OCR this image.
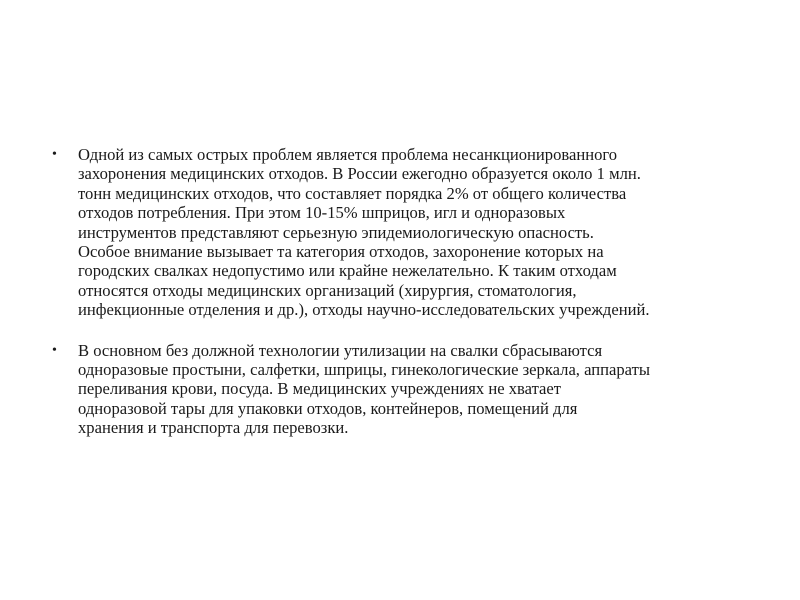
• Одной из самых острых проблем является проблема несанкционированного
захоронения медицинских отходов. В России ежегодно образуется около 1 млн.
тонн медицинских отходов, что составляет порядка 2% от общего количества
отходов потребления. При этом 10-15% шприцов, игл и одноразовых
инструментов представляют серьезную эпидемиологическую опасность.
Особое внимание вызывает та категория отходов, захоронение которых на
городских свалках недопустимо или крайне нежелательно. К таким отходам
относятся отходы медицинских организаций (хирургия, стоматология,
инфекционные отделения и др.), отходы научно-исследовательских учреждений.
• В основном без должной технологии утилизации на свалки сбрасываются
одноразовые простыни, салфетки, шприцы, гинекологические зеркала, аппараты
переливания крови, посуда. В медицинских учреждениях не хватает
одноразовой тары для упаковки отходов, контейнеров, помещений для
хранения и транспорта для перевозки.
